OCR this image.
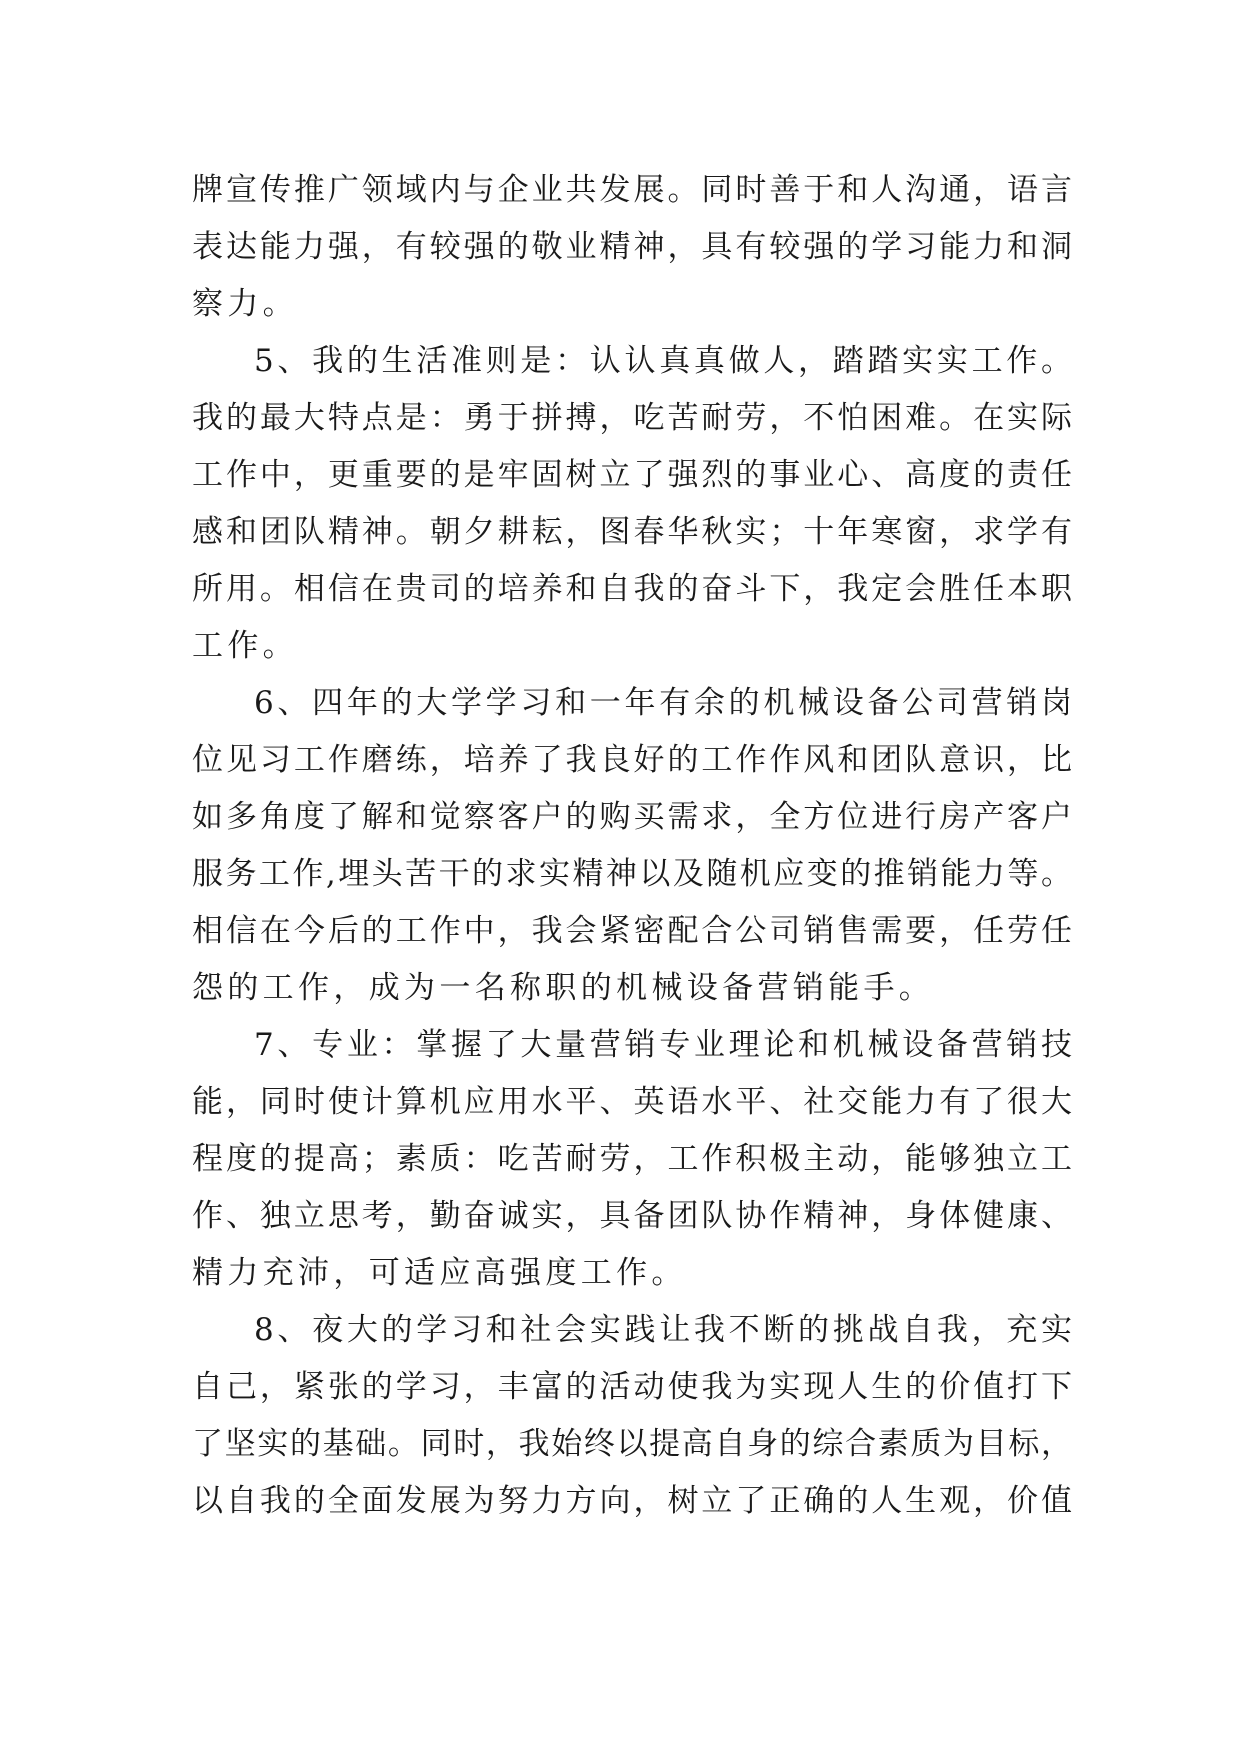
牌宣传推广领域内与企业共发展。同时善于和人沟通，语言
表达能力强，有较强的敬业精神，具有较强的学习能力和洞
察力。
5、我的生活准则是：认认真真做人，踏踏实实工作。
我的最大特点是：勇于拼搏，吃苦耐劳，不怕困难。在实际
工作中，更重要的是牢固树立了强烈的事业心、高度的责任
感和团队精神。朝夕耕耘，图春华秋实；十年寒窗，求学有
所用。相信在贵司的培养和自我的奋斗下，我定会胜任本职
工作。
6、四年的大学学习和一年有余的机械设备公司营销岗
位见习工作磨练，培养了我良好的工作作风和团队意识，比
如多角度了解和觉察客户的购买需求，全方位进行房产客户
服务工作,埋头苦干的求实精神以及随机应变的推销能力等。
相信在今后的工作中，我会紧密配合公司销售需要，任劳任
怨的工作，成为一名称职的机械设备营销能手。
7、专业：掌握了大量营销专业理论和机械设备营销技
能，同时使计算机应用水平、英语水平、社交能力有了很大
程度的提高；素质：吃苦耐劳，工作积极主动，能够独立工
作、独立思考，勤奋诚实，具备团队协作精神，身体健康、
精力充沛，可适应高强度工作。
8、夜大的学习和社会实践让我不断的挑战自我，充实
自己，紧张的学习，丰富的活动使我为实现人生的价值打下
了坚实的基础。同时，我始终以提高自身的综合素质为目标，
以自我的全面发展为努力方向，树立了正确的人生观，价值
